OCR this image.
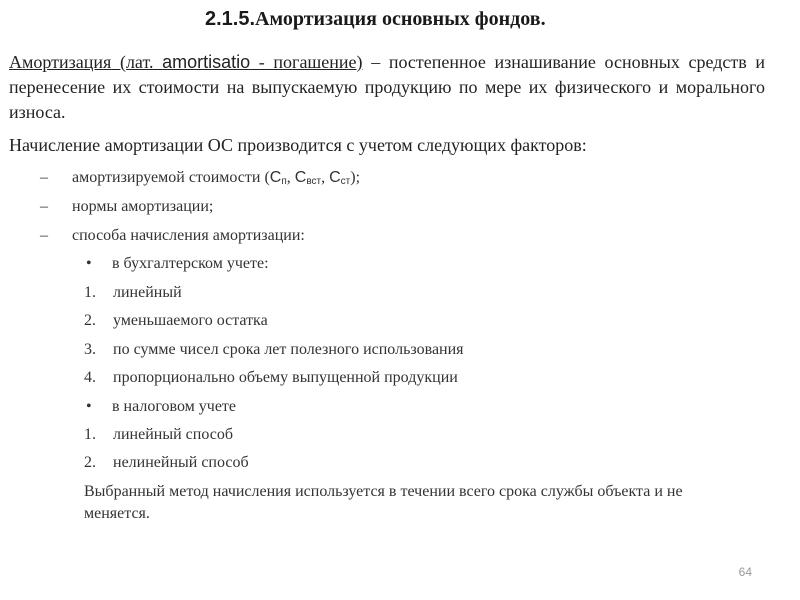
2.1.5.Амортизация основных фондов.
Амортизация (лат. amortisatio - погашение) – постепенное изнашивание основных средств и перенесение их стоимости на выпускаемую продукцию по мере их физического и морального износа.
Начисление амортизации ОС производится с учетом следующих факторов:
– амортизируемой стоимости ($C_п$, $C_{вст}$, $C_{ст}$);
– нормы амортизации;
– способа начисления амортизации:
• в бухгалтерском учете:
1. линейный
2. уменьшаемого остатка
3. по сумме чисел срока лет полезного использования
4. пропорционально объему выпущенной продукции
• в налоговом учете
1. линейный способ
2. нелинейный способ
Выбранный метод начисления используется в течении всего срока службы объекта и не меняется.
64
